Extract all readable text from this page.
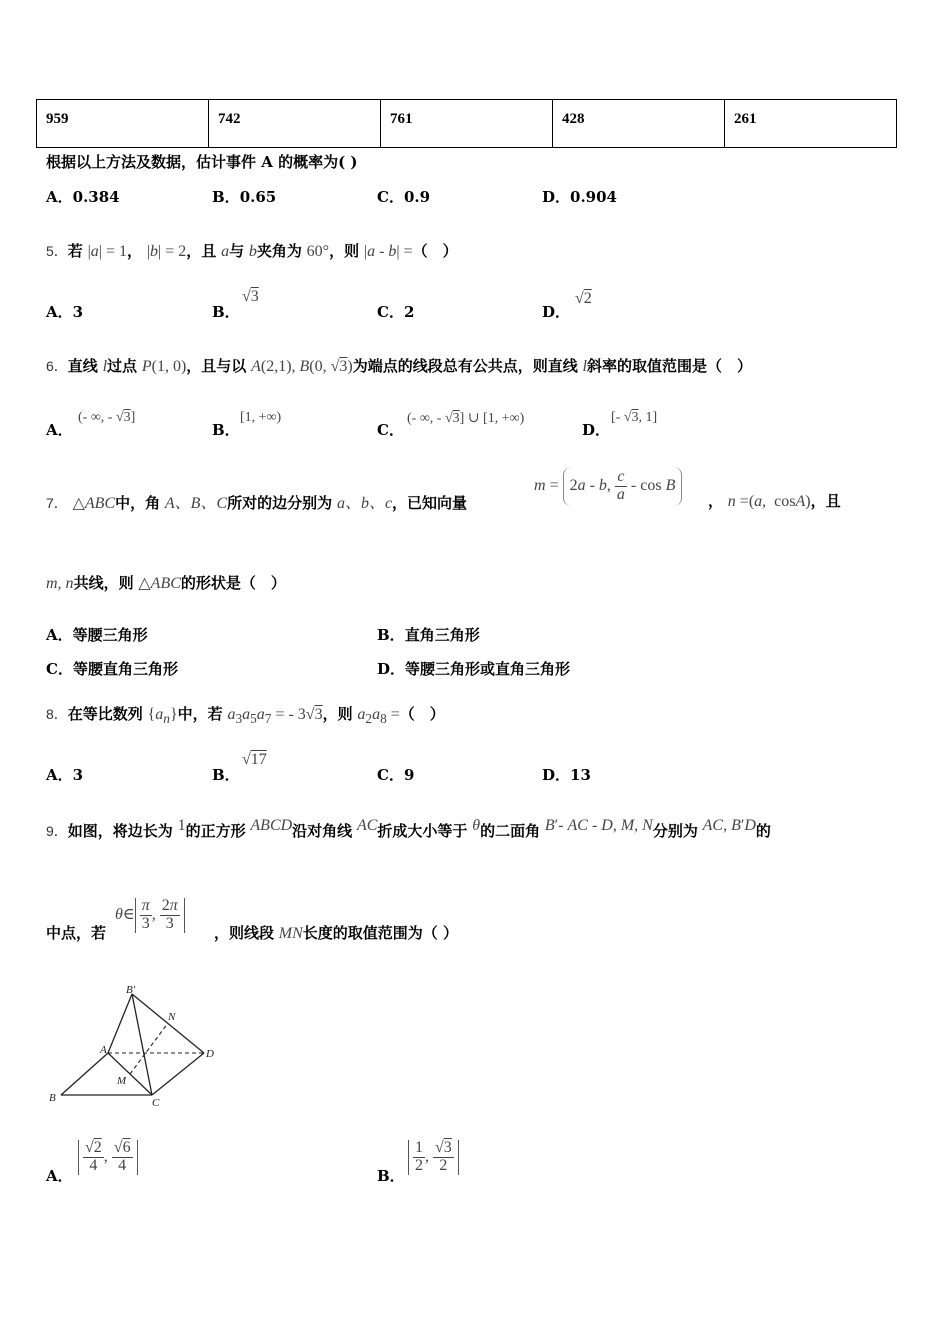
959	742	761	428	261
根据以上方法及数据，估计事件 A 的概率为( )
A．0.384	B．0.65	C．0.9	D．0.904
5．若 |a| = 1， |b| = 2，且 a与 b夹角为 60°，则 |a - b| =（　）
A．3	B．
√3
C．2	D．
√2
6．直线 l过点 P(1, 0)，且与以 A(2,1), B(0, √3)为端点的线段总有公共点，则直线 l斜率的取值范围是（　）
A．
(- ∞, - √3]
B．
[1, +∞)
C．
(- ∞, - √3] ∪ [1, +∞)
D．
[- √3, 1]
7． △ABC中，角 A、B、C所对的边分别为 a、b、c，已知向量
m = 2a - b, $\frac{c}{a}$ - cos B
， n =(a,  cosA)，且
m, n共线，则 △ABC的形状是（　）
A．等腰三角形	B．直角三角形
C．等腰直角三角形	D．等腰三角形或直角三角形
8．在等比数列 $\{a_n\}$中，若 $a_3a_5a_7$ = - 3√3，则 $a_2a_8$ =（　）
A．3	B．
√17
C．9	D．13
9．如图，将边长为 1的正方形 ABCD沿对角线 AC折成大小等于 θ的二面角 B′- AC - D, M, N分别为 AC, B′D的
中点，若
θ∈ $\frac{\pi}{3}$ , $\frac{2\pi}{3}$
，则线段 MN长度的取值范围为（ ）
B′
N
A	D
M
B	C
A．
$\frac{√2}{4}$ , $\frac{√6}{4}$
B．
$\frac{1}{2}$ , $\frac{√3}{2}$
